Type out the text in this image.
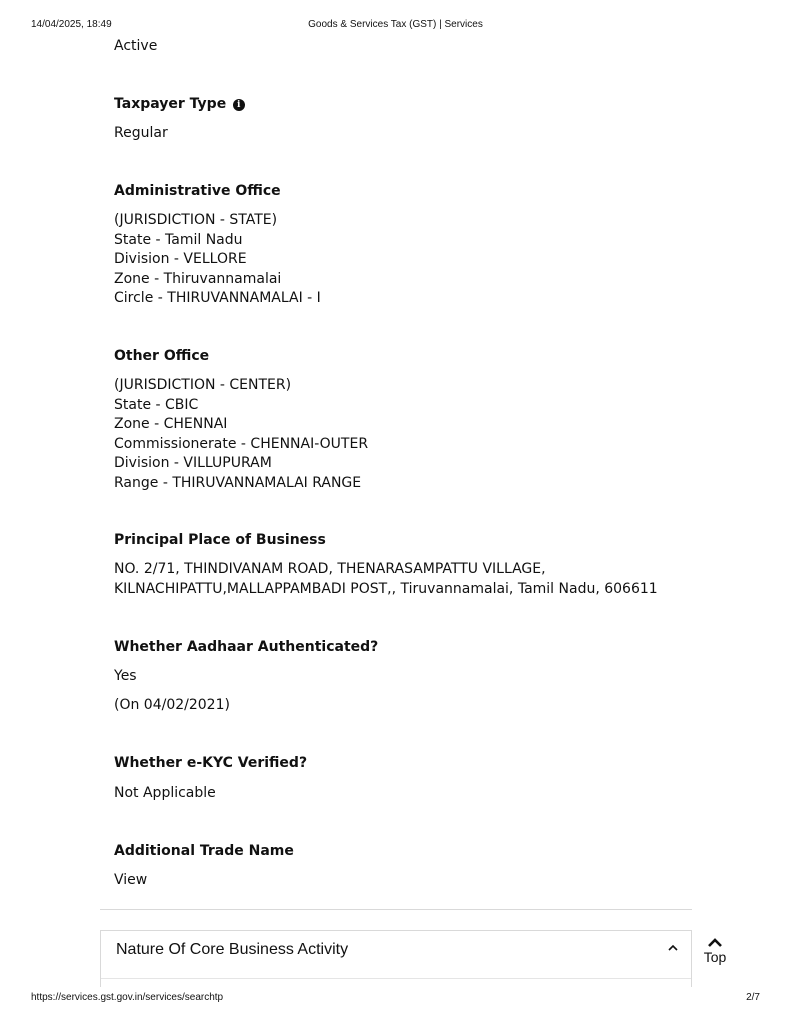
14/04/2025, 18:49	Goods & Services Tax (GST) | Services
Active
Taxpayer Type i
Regular
Administrative Office
(JURISDICTION - STATE)
State - Tamil Nadu
Division - VELLORE
Zone - Thiruvannamalai
Circle - THIRUVANNAMALAI - I
Other Office
(JURISDICTION - CENTER)
State - CBIC
Zone - CHENNAI
Commissionerate - CHENNAI-OUTER
Division - VILLUPURAM
Range - THIRUVANNAMALAI RANGE
Principal Place of Business
NO. 2/71, THINDIVANAM ROAD, THENARASAMPATTU VILLAGE,
KILNACHIPATTU,MALLAPPAMBADI POST,, Tiruvannamalai, Tamil Nadu, 606611
Whether Aadhaar Authenticated?
Yes
(On 04/02/2021)
Whether e-KYC Verified?
Not Applicable
Additional Trade Name
View
Nature Of Core Business Activity	Top
https://services.gst.gov.in/services/searchtp	2/7
